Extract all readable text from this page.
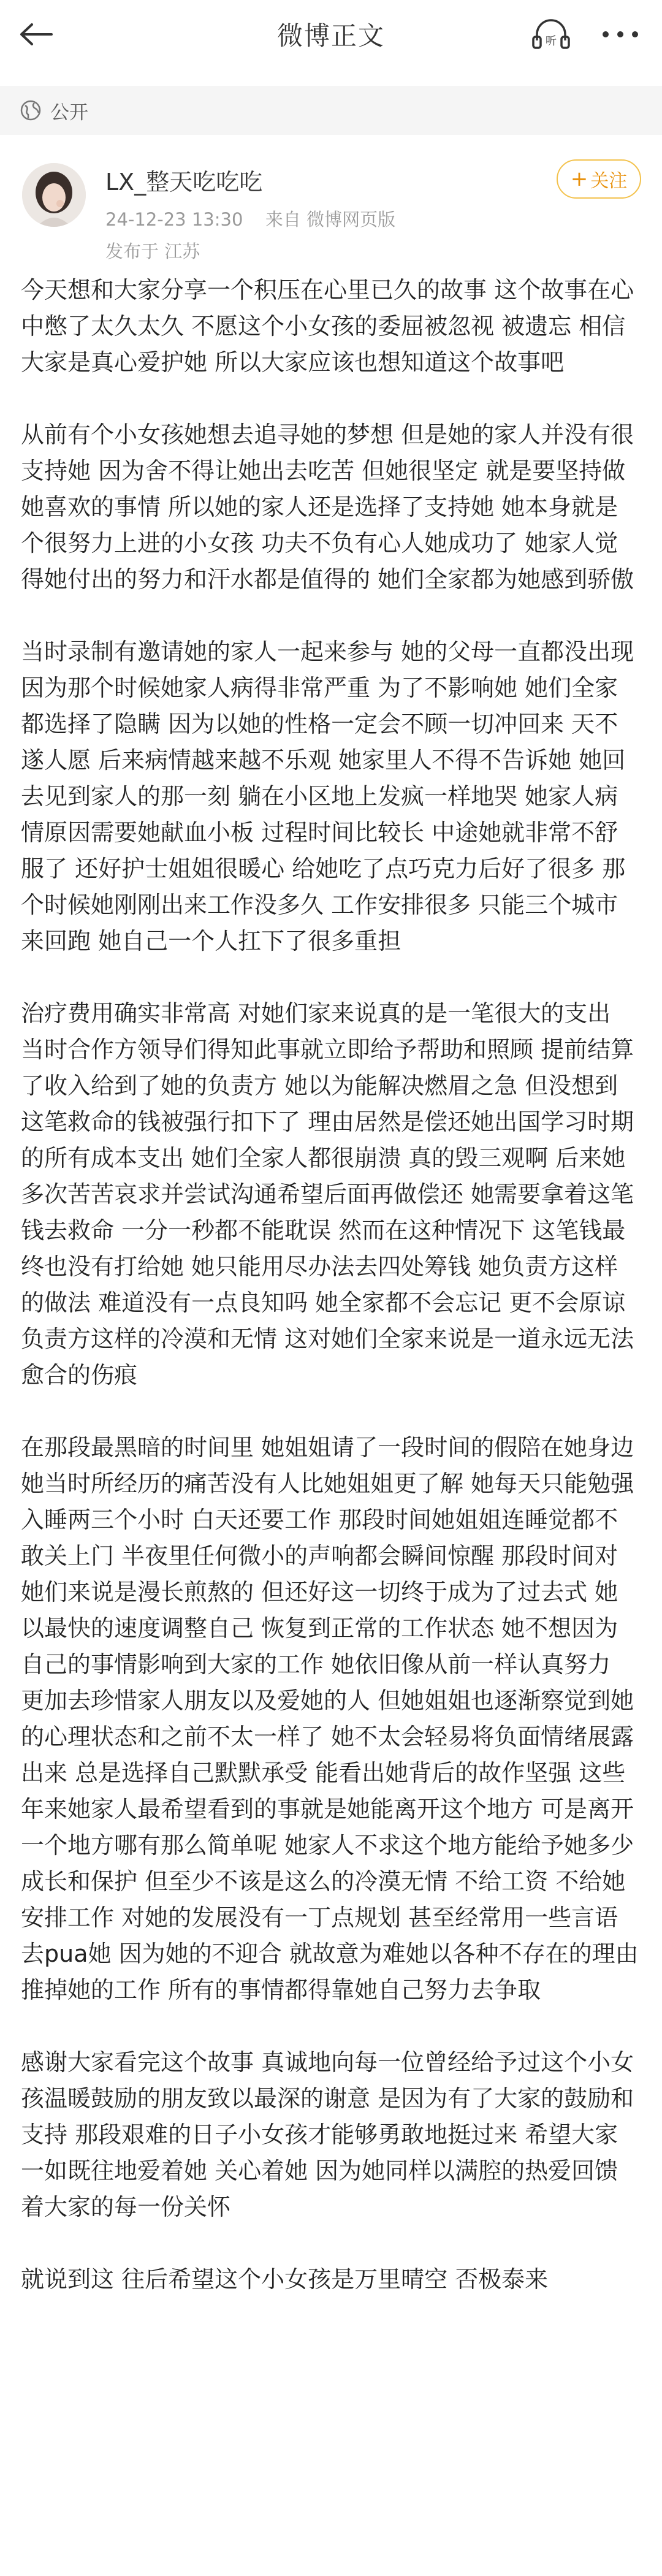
微博正文	听
公开
LX_整天吃吃吃
24-12-23 13:30 来自 微博网页版
发布于 江苏
+ 关注

今天想和大家分享一个积压在心里已久的故事 这个故事在心中憋了太久太久 不愿这个小女孩的委屈被忽视 被遗忘 相信大家是真心爱护她 所以大家应该也想知道这个故事吧

从前有个小女孩她想去追寻她的梦想 但是她的家人并没有很支持她 因为舍不得让她出去吃苦 但她很坚定 就是要坚持做她喜欢的事情 所以她的家人还是选择了支持她 她本身就是个很努力上进的小女孩 功夫不负有心人她成功了 她家人觉得她付出的努力和汗水都是值得的 她们全家都为她感到骄傲

当时录制有邀请她的家人一起来参与 她的父母一直都没出现 因为那个时候她家人病得非常严重 为了不影响她 她们全家都选择了隐瞒 因为以她的性格一定会不顾一切冲回来 天不遂人愿 后来病情越来越不乐观 她家里人不得不告诉她 她回去见到家人的那一刻 躺在小区地上发疯一样地哭 她家人病情原因需要她献血小板 过程时间比较长 中途她就非常不舒服了 还好护士姐姐很暖心 给她吃了点巧克力后好了很多 那个时候她刚刚出来工作没多久 工作安排很多 只能三个城市来回跑 她自己一个人扛下了很多重担

治疗费用确实非常高 对她们家来说真的是一笔很大的支出 当时合作方领导们得知此事就立即给予帮助和照顾 提前结算了收入给到了她的负责方 她以为能解决燃眉之急 但没想到这笔救命的钱被强行扣下了 理由居然是偿还她出国学习时期的所有成本支出 她们全家人都很崩溃 真的毁三观啊 后来她多次苦苦哀求并尝试沟通希望后面再做偿还 她需要拿着这笔钱去救命 一分一秒都不能耽误 然而在这种情况下 这笔钱最终也没有打给她 她只能用尽办法去四处筹钱 她负责方这样的做法 难道没有一点良知吗 她全家都不会忘记 更不会原谅负责方这样的冷漠和无情 这对她们全家来说是一道永远无法愈合的伤痕

在那段最黑暗的时间里 她姐姐请了一段时间的假陪在她身边 她当时所经历的痛苦没有人比她姐姐更了解 她每天只能勉强入睡两三个小时 白天还要工作 那段时间她姐姐连睡觉都不敢关上门 半夜里任何微小的声响都会瞬间惊醒 那段时间对她们来说是漫长煎熬的 但还好这一切终于成为了过去式 她以最快的速度调整自己 恢复到正常的工作状态 她不想因为自己的事情影响到大家的工作 她依旧像从前一样认真努力 更加去珍惜家人朋友以及爱她的人 但她姐姐也逐渐察觉到她的心理状态和之前不太一样了 她不太会轻易将负面情绪展露出来 总是选择自己默默承受 能看出她背后的故作坚强 这些年来她家人最希望看到的事就是她能离开这个地方 可是离开一个地方哪有那么简单呢 她家人不求这个地方能给予她多少成长和保护 但至少不该是这么的冷漠无情 不给工资 不给她安排工作 对她的发展没有一丁点规划 甚至经常用一些言语去pua她 因为她的不迎合 就故意为难她以各种不存在的理由推掉她的工作 所有的事情都得靠她自己努力去争取

感谢大家看完这个故事 真诚地向每一位曾经给予过这个小女孩温暖鼓励的朋友致以最深的谢意 是因为有了大家的鼓励和支持 那段艰难的日子小女孩才能够勇敢地挺过来 希望大家一如既往地爱着她 关心着她 因为她同样以满腔的热爱回馈着大家的每一份关怀

就说到这 往后希望这个小女孩是万里晴空 否极泰来
